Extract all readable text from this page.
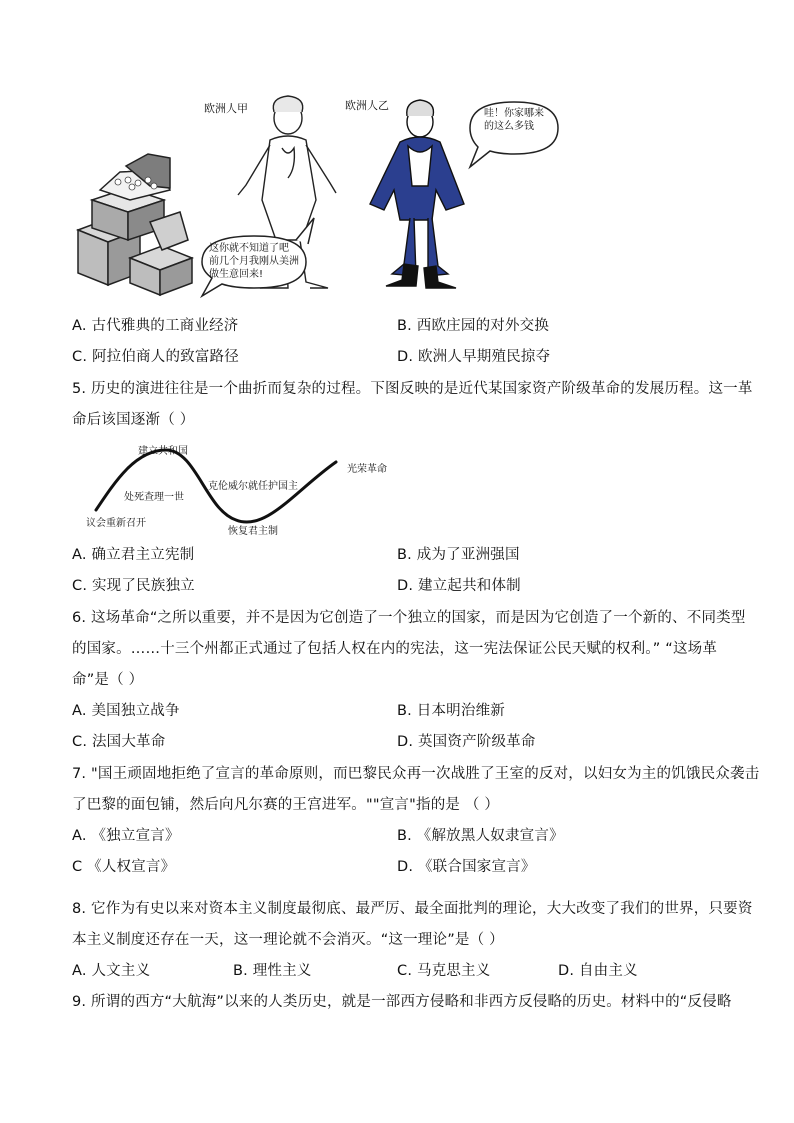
欧洲人甲	欧洲人乙
哇！你家哪来的这么多钱
这你就不知道了吧
前几个月我刚从美洲
做生意回来!
A. 古代雅典的工商业经济	B. 西欧庄园的对外交换
C. 阿拉伯商人的致富路径	D. 欧洲人早期殖民掠夺
5. 历史的演进往往是一个曲折而复杂的过程。下图反映的是近代某国家资产阶级革命的发展历程。这一革
命后该国逐渐（ ）
议会重新召开
处死查理一世
建立共和国
克伦威尔就任护国主
恢复君主制
光荣革命
A. 确立君主立宪制	B. 成为了亚洲强国
C. 实现了民族独立	D. 建立起共和体制
6. 这场革命“之所以重要，并不是因为它创造了一个独立的国家，而是因为它创造了一个新的、不同类型
的国家。……十三个州都正式通过了包括人权在内的宪法，这一宪法保证公民天赋的权利。” “这场革
命”是（ ）
A. 美国独立战争	B. 日本明治维新
C. 法国大革命	D. 英国资产阶级革命
7. "国王顽固地拒绝了宣言的革命原则，而巴黎民众再一次战胜了王室的反对，以妇女为主的饥饿民众袭击
了巴黎的面包铺，然后向凡尔赛的王宫进军。""宣言"指的是 （ ）
A. 《独立宣言》	B. 《解放黑人奴隶宣言》
C 《人权宣言》	D. 《联合国家宣言》
8. 它作为有史以来对资本主义制度最彻底、最严厉、最全面批判的理论，大大改变了我们的世界，只要资
本主义制度还存在一天，这一理论就不会消灭。“这一理论”是（ ）
A. 人文主义	B. 理性主义	C. 马克思主义	D. 自由主义
9. 所谓的西方“大航海”以来的人类历史，就是一部西方侵略和非西方反侵略的历史。材料中的“反侵略
